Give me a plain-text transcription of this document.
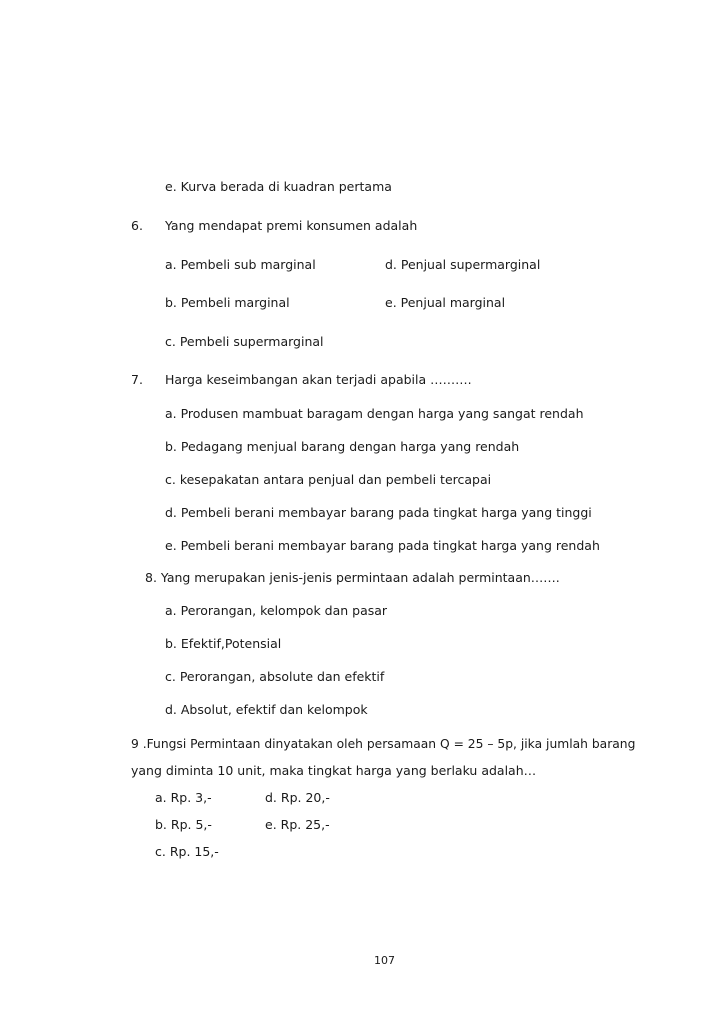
e. Kurva berada di kuadran pertama
6. Yang mendapat premi konsumen adalah
a. Pembeli sub marginal	d. Penjual supermarginal
b. Pembeli marginal	e. Penjual marginal
c. Pembeli supermarginal
7. Harga keseimbangan akan terjadi apabila ……….
a. Produsen mambuat baragam dengan harga yang sangat rendah
b. Pedagang menjual barang dengan harga yang rendah
c. kesepakatan antara penjual dan pembeli tercapai
d. Pembeli berani membayar barang pada tingkat harga yang tinggi
e. Pembeli berani membayar barang pada tingkat harga yang rendah
8. Yang merupakan jenis-jenis permintaan adalah permintaan…….
a. Perorangan, kelompok dan pasar
b. Efektif,Potensial
c. Perorangan, absolute dan efektif
d. Absolut, efektif dan kelompok
9 .Fungsi Permintaan dinyatakan oleh persamaan Q = 25 – 5p, jika jumlah barang
yang diminta 10 unit, maka tingkat harga yang berlaku adalah…
a. Rp. 3,-	d. Rp. 20,-
b. Rp. 5,-	e. Rp. 25,-
c. Rp. 15,-
107
